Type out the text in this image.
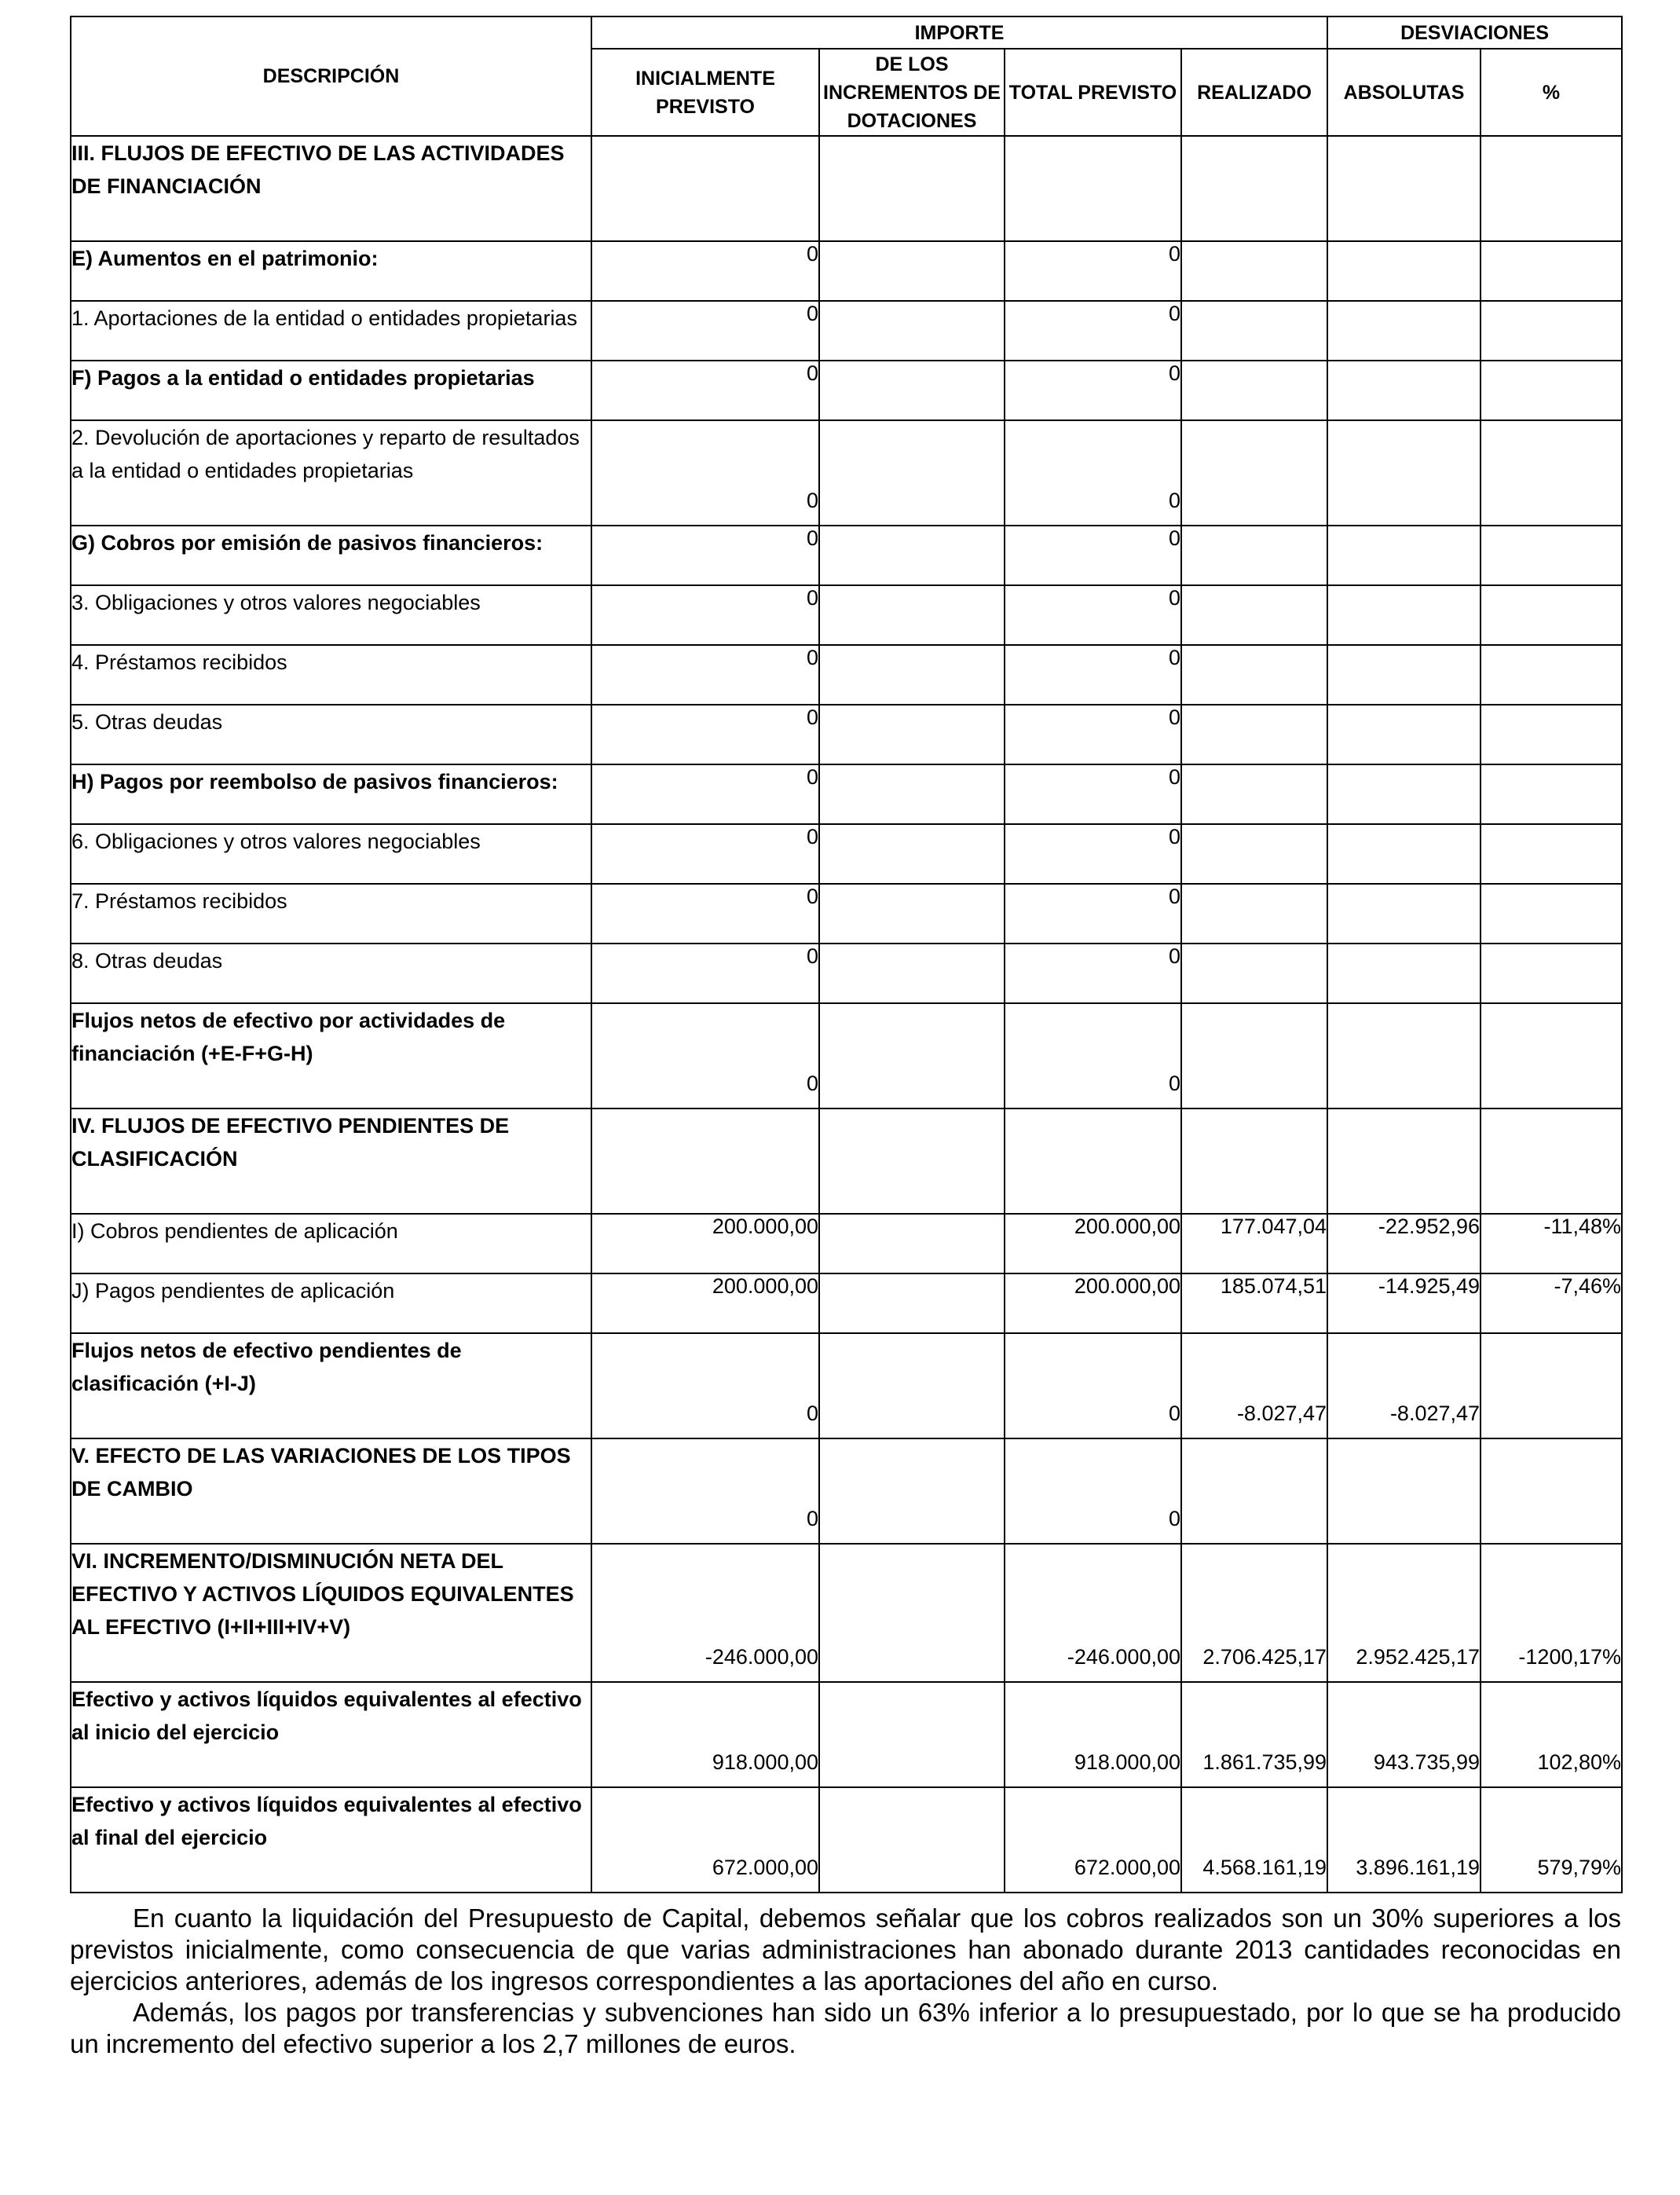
DESCRIPCIÓN	IMPORTE				DESVIACIONES	
	INICIALMENTE PREVISTO	DE LOS INCREMENTOS DE DOTACIONES	TOTAL PREVISTO	REALIZADO	ABSOLUTAS	%
III. FLUJOS DE EFECTIVO DE LAS ACTIVIDADES DE FINANCIACIÓN						
E) Aumentos en el patrimonio:	0		0			
1. Aportaciones de la entidad o entidades propietarias	0		0			
F) Pagos a la entidad o entidades propietarias	0		0			
2. Devolución de aportaciones y reparto de resultados a la entidad o entidades propietarias	0		0			
G) Cobros por emisión de pasivos financieros:	0		0			
3. Obligaciones y otros valores negociables	0		0			
4. Préstamos recibidos	0		0			
5. Otras deudas	0		0			
H) Pagos por reembolso de pasivos financieros:	0		0			
6. Obligaciones y otros valores negociables	0		0			
7. Préstamos recibidos	0		0			
8. Otras deudas	0		0			
Flujos netos de efectivo por actividades de financiación (+E-F+G-H)	0		0			
IV. FLUJOS DE EFECTIVO PENDIENTES DE CLASIFICACIÓN						
I) Cobros pendientes de aplicación	200.000,00		200.000,00	177.047,04	-22.952,96	-11,48%
J) Pagos pendientes de aplicación	200.000,00		200.000,00	185.074,51	-14.925,49	-7,46%
Flujos netos de efectivo pendientes de clasificación (+I-J)	0		0	-8.027,47	-8.027,47	
V. EFECTO DE LAS VARIACIONES DE LOS TIPOS DE CAMBIO	0		0			
VI. INCREMENTO/DISMINUCIÓN NETA DEL EFECTIVO Y ACTIVOS LÍQUIDOS EQUIVALENTES AL EFECTIVO (I+II+III+IV+V)	-246.000,00		-246.000,00	2.706.425,17	2.952.425,17	-1200,17%
Efectivo y activos líquidos equivalentes al efectivo al inicio del ejercicio	918.000,00		918.000,00	1.861.735,99	943.735,99	102,80%
Efectivo y activos líquidos equivalentes al efectivo al final del ejercicio	672.000,00		672.000,00	4.568.161,19	3.896.161,19	579,79%

En cuanto la liquidación del Presupuesto de Capital, debemos señalar que los cobros realizados son un 30% superiores a los previstos inicialmente, como consecuencia de que varias administraciones han abonado durante 2013 cantidades reconocidas en ejercicios anteriores, además de los ingresos correspondientes a las aportaciones del año en curso.

Además, los pagos por transferencias y subvenciones han sido un 63% inferior a lo presupuestado, por lo que se ha producido un incremento del efectivo superior a los 2,7 millones de euros.
